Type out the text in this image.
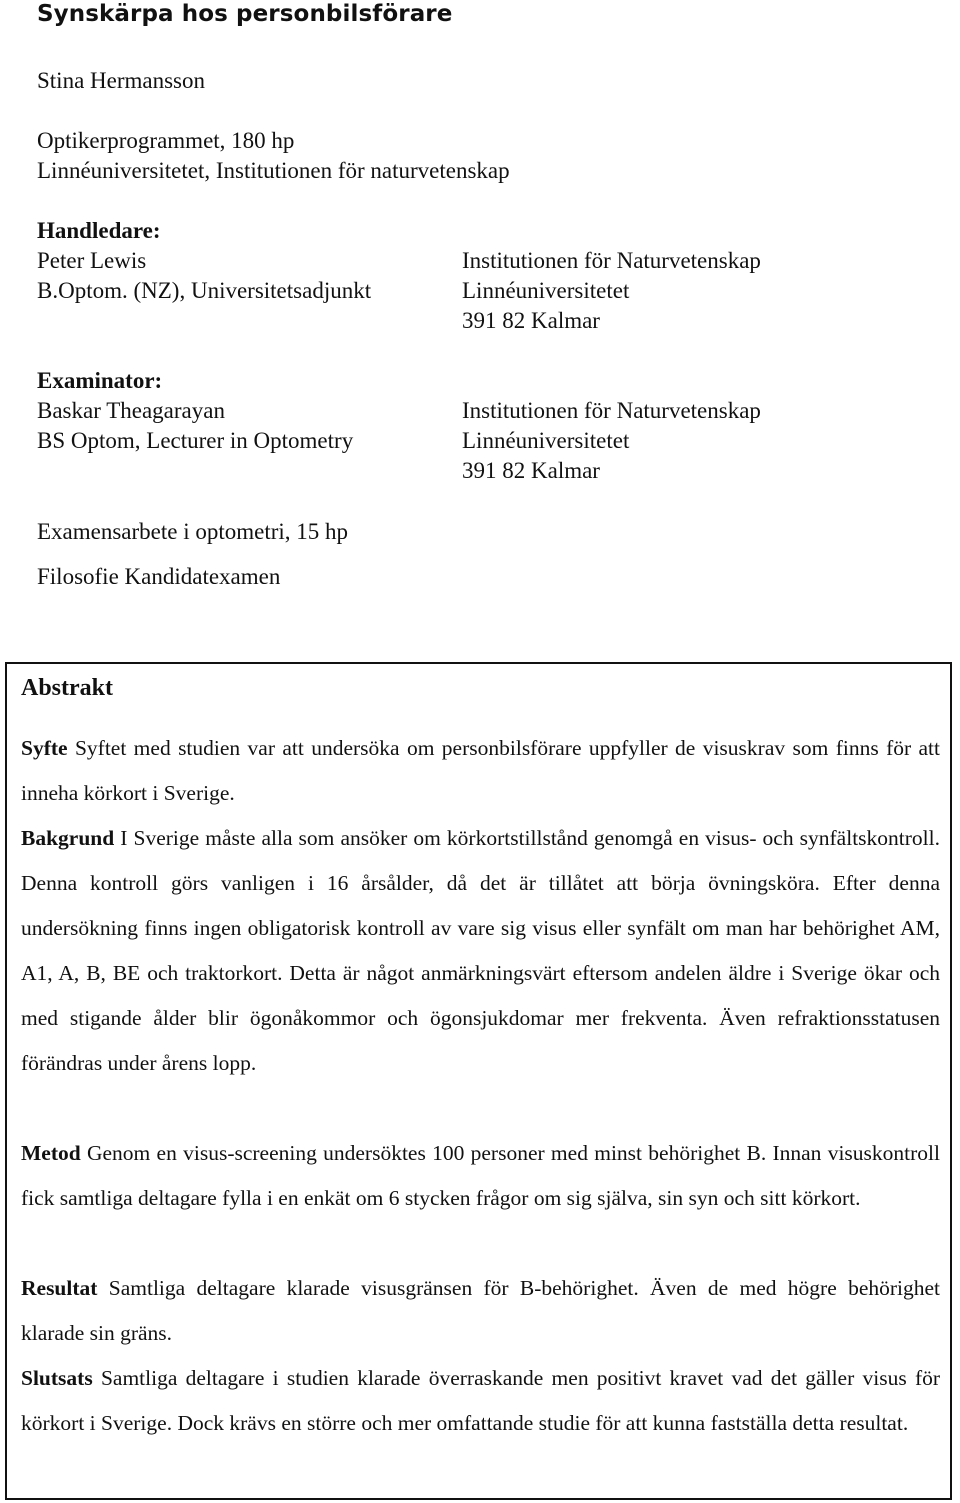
Synskärpa hos personbilsförare
Stina Hermansson
Optikerprogrammet, 180 hp
Linnéuniversitetet, Institutionen för naturvetenskap
Handledare:
Peter Lewis
B.Optom. (NZ), Universitetsadjunkt
Institutionen för Naturvetenskap
Linnéuniversitetet
391 82 Kalmar
Examinator:
Baskar Theagarayan
BS Optom, Lecturer in Optometry
Institutionen för Naturvetenskap
Linnéuniversitetet
391 82 Kalmar
Examensarbete i optometri, 15 hp
Filosofie Kandidatexamen
Abstrakt
Syfte Syftet med studien var att undersöka om personbilsförare uppfyller de visuskrav som finns för att inneha körkort i Sverige.
Bakgrund I Sverige måste alla som ansöker om körkortstillstånd genomgå en visus- och synfältskontroll. Denna kontroll görs vanligen i 16 årsålder, då det är tillåtet att börja övningsköra. Efter denna undersökning finns ingen obligatorisk kontroll av vare sig visus eller synfält om man har behörighet AM, A1, A, B, BE och traktorkort. Detta är något anmärkningsvärt eftersom andelen äldre i Sverige ökar och med stigande ålder blir ögonåkommor och ögonsjukdomar mer frekventa. Även refraktionsstatusen förändras under årens lopp.
Metod Genom en visus-screening undersöktes 100 personer med minst behörighet B. Innan visuskontroll fick samtliga deltagare fylla i en enkät om 6 stycken frågor om sig själva, sin syn och sitt körkort.
Resultat Samtliga deltagare klarade visusgränsen för B-behörighet. Även de med högre behörighet klarade sin gräns.
Slutsats Samtliga deltagare i studien klarade överraskande men positivt kravet vad det gäller visus för körkort i Sverige. Dock krävs en större och mer omfattande studie för att kunna fastställa detta resultat.
